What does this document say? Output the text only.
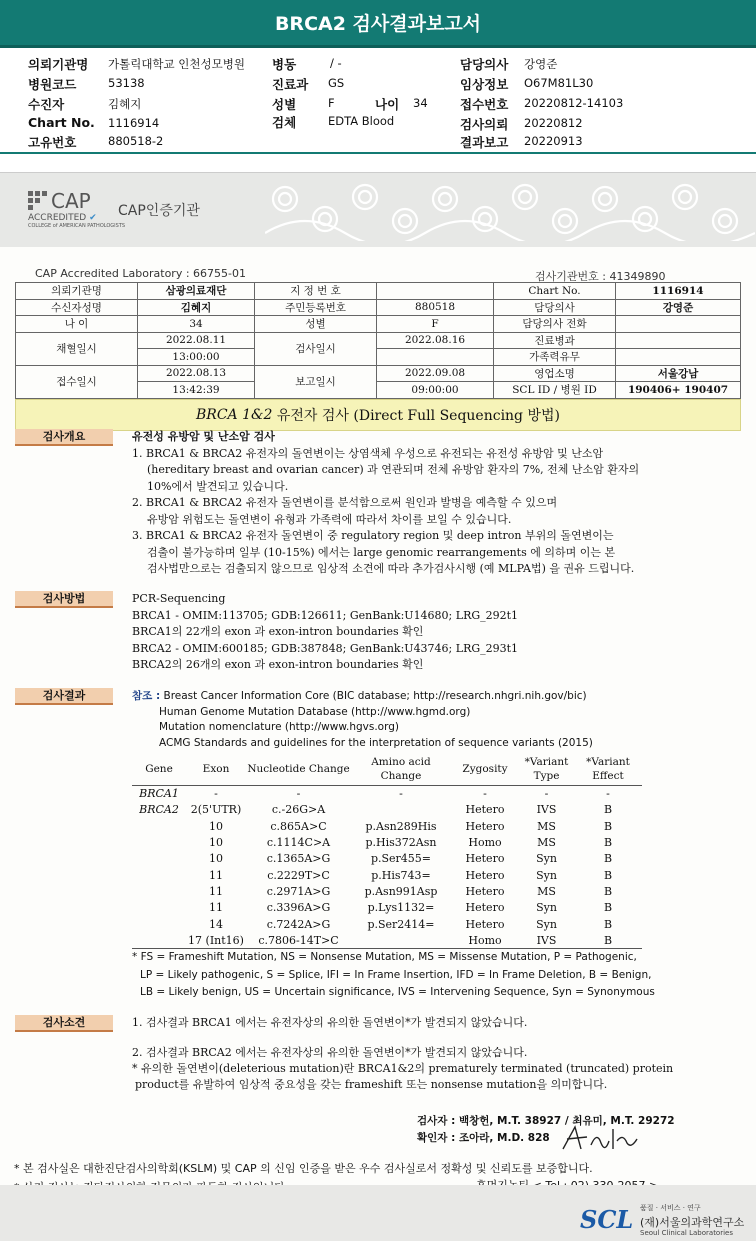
BRCA2 검사결과보고서
의뢰기관명 가톨릭대학교 인천성모병원
병원코드	53138
수진자	김혜지
Chart No. 1116914
고유번호	880518-2
병동	/ -
진료과 GS
성별	F	나이 34
검체	EDTA Blood
담당의사 강영준
임상정보 O67M81L30
접수번호 20220812-14103
검사의뢰 20220812
결과보고 20220913
CAP
ACCREDITED ✔
COLLEGE of AMERICAN PATHOLOGISTS
CAP인증기관
CAP Accredited Laboratory : 66755-01	검사기관번호 : 41349890
의뢰기관명	삼광의료재단	지 정 번 호		Chart No.	1116914
수신자성명	김혜지	주민등록번호	880518	담당의사	강영준
나 이	34	성별	F	담당의사 전화	
채혈일시	2022.08.11	검사일시	2022.08.16	진료병과	
	13:00:00			가족력유무	
접수일시	2022.08.13	보고일시	2022.09.08	영업소명	서울강남
	13:42:39		09:00:00	SCL ID / 병원 ID	190406+ 190407
BRCA 1&2 유전자 검사 (Direct Full Sequencing 방법)
검사개요	유전성 유방암 및 난소암 검사
1. BRCA1 & BRCA2 유전자의 돌연변이는 상염색체 우성으로 유전되는 유전성 유방암 및 난소암
(hereditary breast and ovarian cancer) 과 연관되며 전체 유방암 환자의 7%, 전체 난소암 환자의
10%에서 발견되고 있습니다.
2. BRCA1 & BRCA2 유전자 돌연변이를 분석함으로써 원인과 발병을 예측할 수 있으며
유방암 위험도는 돌연변이 유형과 가족력에 따라서 차이를 보일 수 있습니다.
3. BRCA1 & BRCA2 유전자 돌연변이 중 regulatory region 및 deep intron 부위의 돌연변이는
검출이 불가능하며 일부 (10-15%) 에서는 large genomic rearrangements 에 의하며 이는 본
검사법만으로는 검출되지 않으므로 임상적 소견에 따라 추가검사시행 (예 MLPA법) 을 권유 드립니다.
검사방법	PCR-Sequencing
BRCA1 - OMIM:113705; GDB:126611; GenBank:U14680; LRG_292t1
BRCA1의 22개의 exon 과 exon-intron boundaries 확인
BRCA2 - OMIM:600185; GDB:387848; GenBank:U43746; LRG_293t1
BRCA2의 26개의 exon 과 exon-intron boundaries 확인
검사결과	참조 : Breast Cancer Information Core (BIC database; http://research.nhgri.nih.gov/bic)
Human Genome Mutation Database (http://www.hgmd.org)
Mutation nomenclature (http://www.hgvs.org)
ACMG Standards and guidelines for the interpretation of sequence variants (2015)
Gene	Exon	Nucleotide Change	Amino acid Change	Zygosity	*Variant Type	*Variant Effect
BRCA1	-	-	-	-	-	-
BRCA2	2(5'UTR)	c.-26G>A		Hetero	IVS	B
	10	c.865A>C	p.Asn289His	Hetero	MS	B
	10	c.1114C>A	p.His372Asn	Homo	MS	B
	10	c.1365A>G	p.Ser455=	Hetero	Syn	B
	11	c.2229T>C	p.His743=	Hetero	Syn	B
	11	c.2971A>G	p.Asn991Asp	Hetero	MS	B
	11	c.3396A>G	p.Lys1132=	Hetero	Syn	B
	14	c.7242A>G	p.Ser2414=	Hetero	Syn	B
	17 (Int16)	c.7806-14T>C		Homo	IVS	B
* FS = Frameshift Mutation, NS = Nonsense Mutation, MS = Missense Mutation, P = Pathogenic,
LP = Likely pathogenic, S = Splice, IFI = In Frame Insertion, IFD = In Frame Deletion, B = Benign,
LB = Likely benign, US = Uncertain significance, IVS = Intervening Sequence, Syn = Synonymous
검사소견	1. 검사결과 BRCA1 에서는 유전자상의 유의한 돌연변이*가 발견되지 않았습니다.
2. 검사결과 BRCA2 에서는 유전자상의 유의한 돌연변이*가 발견되지 않았습니다.
* 유의한 돌연변이(deleterious mutation)란 BRCA1&2의 prematurely terminated (truncated) protein
product를 유발하여 임상적 중요성을 갖는 frameshift 또는 nonsense mutation을 의미합니다.
검사자 : 백창헌, M.T. 38927 / 최유미, M.T. 29272
확인자 : 조아라, M.D. 828
* 본 검사실은 대한진단검사의학회(KSLM) 및 CAP 의 신임 인증을 받은 우수 검사실로서 정확성 및 신뢰도를 보증합니다.
SCL 품질 · 서비스 · 연구
(재)서울의과학연구소
Seoul Clinical Laboratories
